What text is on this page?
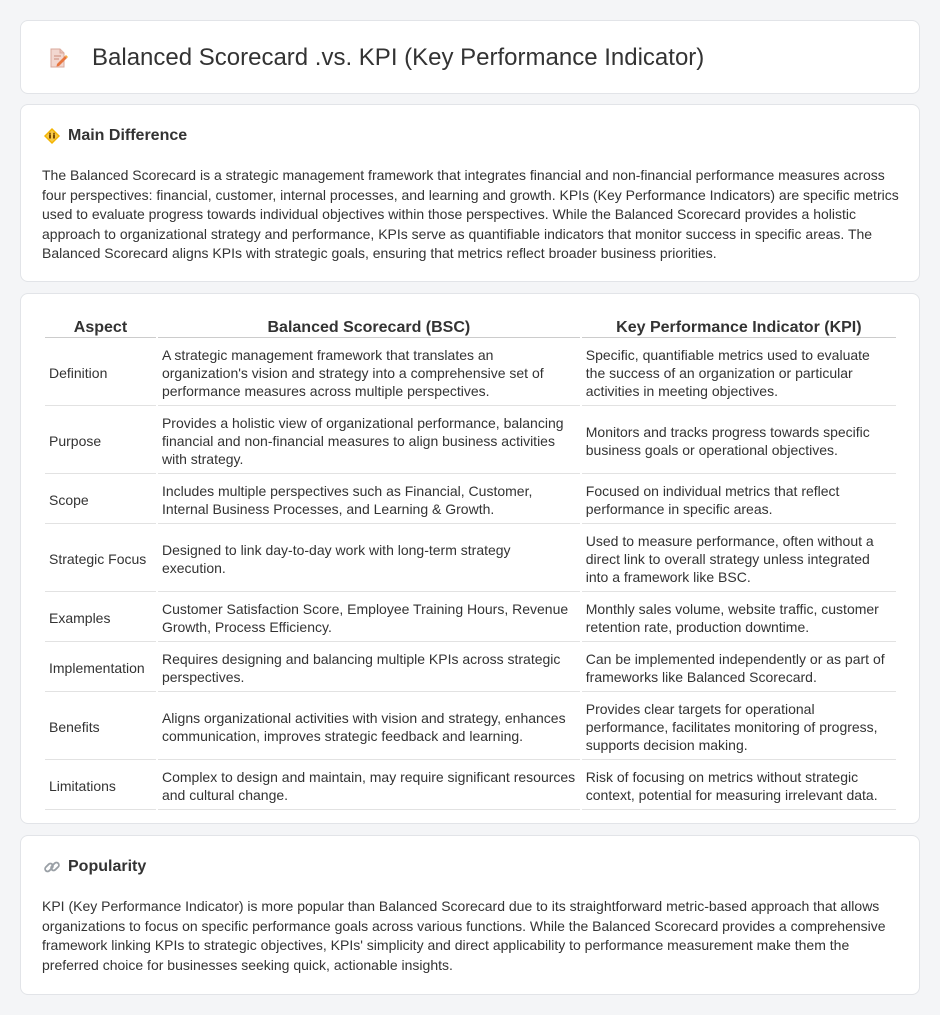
Balanced Scorecard .vs. KPI (Key Performance Indicator)
Main Difference

The Balanced Scorecard is a strategic management framework that integrates financial and non-financial performance measures across four perspectives: financial, customer, internal processes, and learning and growth. KPIs (Key Performance Indicators) are specific metrics used to evaluate progress towards individual objectives within those perspectives. While the Balanced Scorecard provides a holistic approach to organizational strategy and performance, KPIs serve as quantifiable indicators that monitor success in specific areas. The Balanced Scorecard aligns KPIs with strategic goals, ensuring that metrics reflect broader business priorities.

Aspect	Balanced Scorecard (BSC)	Key Performance Indicator (KPI)
Definition	A strategic management framework that translates an organization's vision and strategy into a comprehensive set of performance measures across multiple perspectives.	Specific, quantifiable metrics used to evaluate the success of an organization or particular activities in meeting objectives.
Purpose	Provides a holistic view of organizational performance, balancing financial and non-financial measures to align business activities with strategy.	Monitors and tracks progress towards specific business goals or operational objectives.
Scope	Includes multiple perspectives such as Financial, Customer, Internal Business Processes, and Learning & Growth.	Focused on individual metrics that reflect performance in specific areas.
Strategic Focus	Designed to link day-to-day work with long-term strategy execution.	Used to measure performance, often without a direct link to overall strategy unless integrated into a framework like BSC.
Examples	Customer Satisfaction Score, Employee Training Hours, Revenue Growth, Process Efficiency.	Monthly sales volume, website traffic, customer retention rate, production downtime.
Implementation	Requires designing and balancing multiple KPIs across strategic perspectives.	Can be implemented independently or as part of frameworks like Balanced Scorecard.
Benefits	Aligns organizational activities with vision and strategy, enhances communication, improves strategic feedback and learning.	Provides clear targets for operational performance, facilitates monitoring of progress, supports decision making.
Limitations	Complex to design and maintain, may require significant resources and cultural change.	Risk of focusing on metrics without strategic context, potential for measuring irrelevant data.
Popularity

KPI (Key Performance Indicator) is more popular than Balanced Scorecard due to its straightforward metric-based approach that allows organizations to focus on specific performance goals across various functions. While the Balanced Scorecard provides a comprehensive framework linking KPIs to strategic objectives, KPIs' simplicity and direct applicability to performance measurement make them the preferred choice for businesses seeking quick, actionable insights.
